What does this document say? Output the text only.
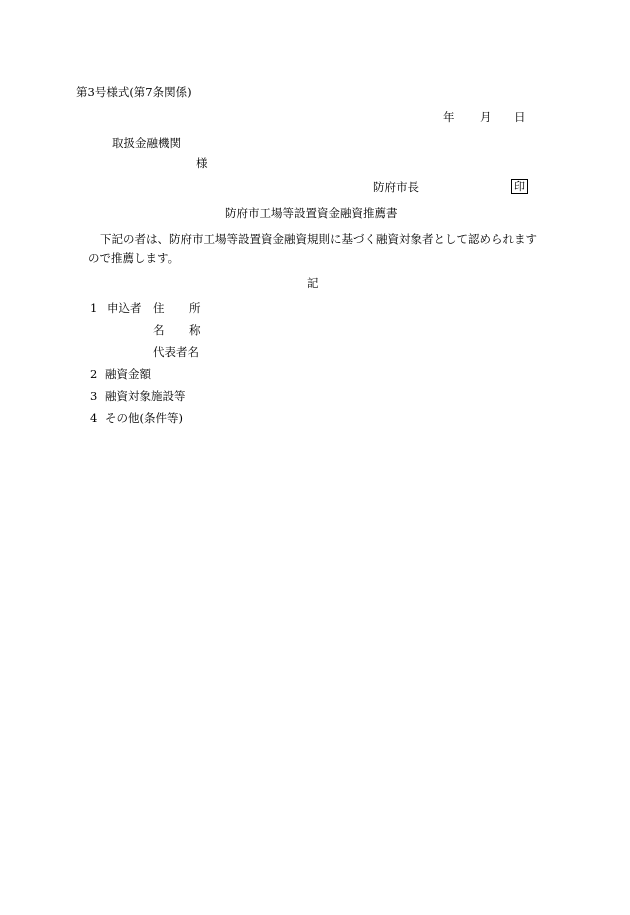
第3号様式(第7条関係)
年 月 日
取扱金融機関
様
防府市長	印
防府市工場等設置資金融資推薦書
下記の者は、防府市工場等設置資金融資規則に基づく融資対象者として認められます
ので推薦します。
記
1 申込者 住 所
名 称
代表者名
2 融資金額
3 融資対象施設等
4 その他(条件等)
